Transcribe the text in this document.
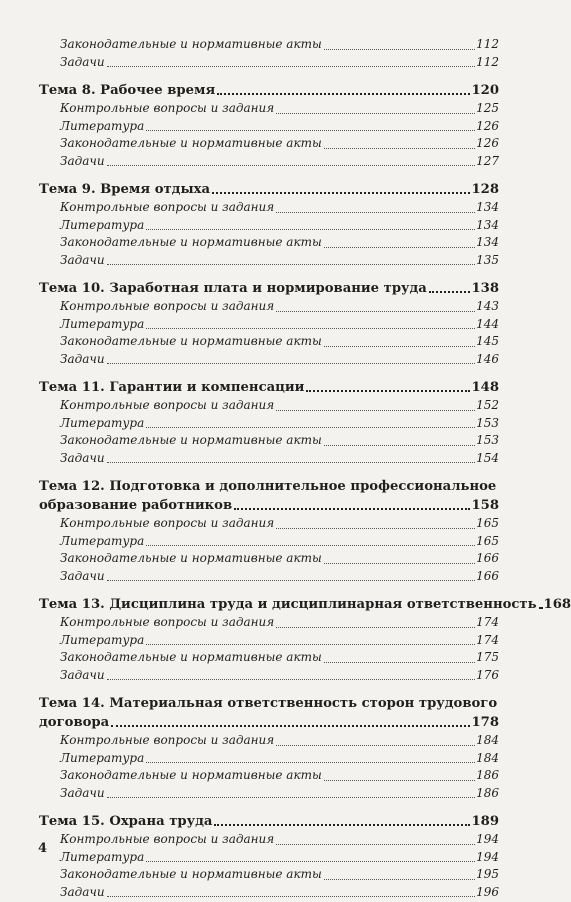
Законодательные и нормативные акты	112
Задачи	112
Тема 8. Рабочее время	120
Контрольные вопросы и задания	125
Литература	126
Законодательные и нормативные акты	126
Задачи	127
Тема 9. Время отдыха	128
Контрольные вопросы и задания	134
Литература	134
Законодательные и нормативные акты	134
Задачи	135
Тема 10. Заработная плата и нормирование труда	138
Контрольные вопросы и задания	143
Литература	144
Законодательные и нормативные акты	145
Задачи	146
Тема 11. Гарантии и компенсации	148
Контрольные вопросы и задания	152
Литература	153
Законодательные и нормативные акты	153
Задачи	154
Тема 12. Подготовка и дополнительное профессиональное
образование работников	158
Контрольные вопросы и задания	165
Литература	165
Законодательные и нормативные акты	166
Задачи	166
Тема 13. Дисциплина труда и дисциплинарная ответственность 168
Контрольные вопросы и задания	174
Литература	174
Законодательные и нормативные акты	175
Задачи	176
Тема 14. Материальная ответственность сторон трудового
договора	178
Контрольные вопросы и задания	184
Литература	184
Законодательные и нормативные акты	186
Задачи	186
Тема 15. Охрана труда	189
Контрольные вопросы и задания	194
Литература	194
Законодательные и нормативные акты	195
Задачи	196
4
